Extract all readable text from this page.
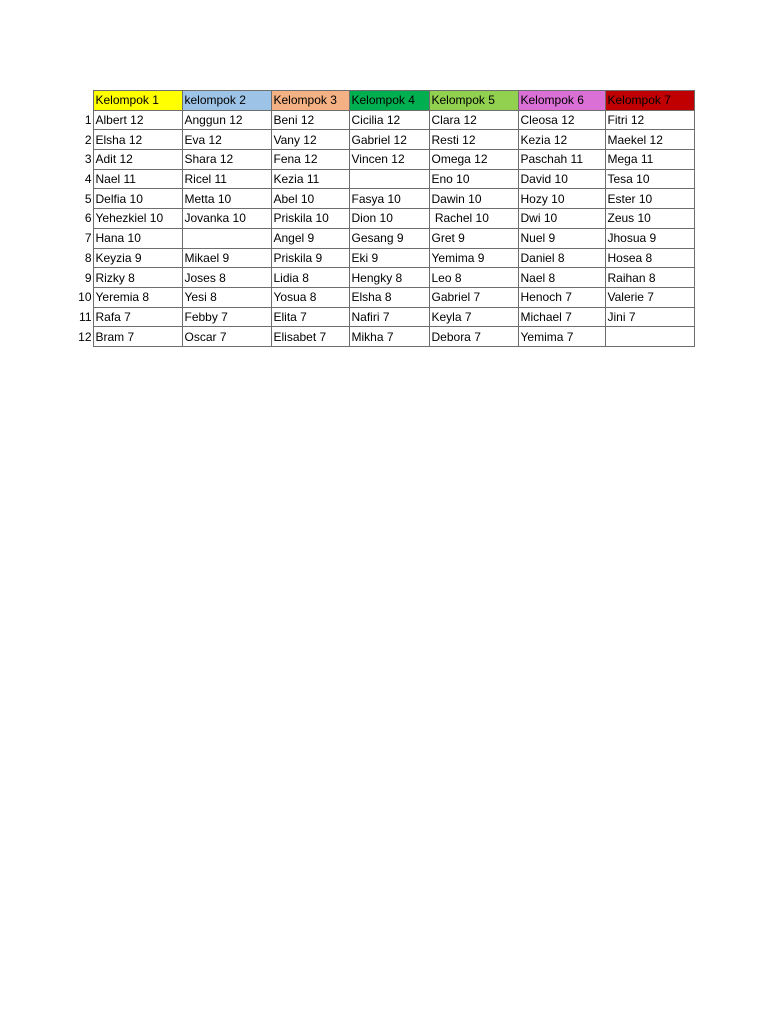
	Kelompok 1	kelompok 2	Kelompok 3	Kelompok 4	Kelompok 5	Kelompok 6	Kelompok 7
1	Albert 12	Anggun 12	Beni 12	Cicilia 12	Clara 12	Cleosa 12	Fitri 12
2	Elsha 12	Eva 12	Vany 12	Gabriel 12	Resti 12	Kezia 12	Maekel 12
3	Adit 12	Shara 12	Fena 12	Vincen 12	Omega 12	Paschah 11	Mega 11
4	Nael 11	Ricel 11	Kezia 11		Eno 10	David 10	Tesa 10
5	Delfia 10	Metta 10	Abel 10	Fasya 10	Dawin 10	Hozy 10	Ester 10
6	Yehezkiel 10	Jovanka 10	Priskila 10	Dion 10	Rachel 10	Dwi 10	Zeus 10
7	Hana 10		Angel 9	Gesang 9	Gret 9	Nuel 9	Jhosua 9
8	Keyzia 9	Mikael 9	Priskila 9	Eki 9	Yemima 9	Daniel 8	Hosea 8
9	Rizky 8	Joses 8	Lidia 8	Hengky 8	Leo 8	Nael 8	Raihan 8
10	Yeremia 8	Yesi 8	Yosua 8	Elsha 8	Gabriel 7	Henoch 7	Valerie 7
11	Rafa 7	Febby 7	Elita 7	Nafiri 7	Keyla 7	Michael 7	Jini 7
12	Bram 7	Oscar 7	Elisabet 7	Mikha 7	Debora 7	Yemima 7	
